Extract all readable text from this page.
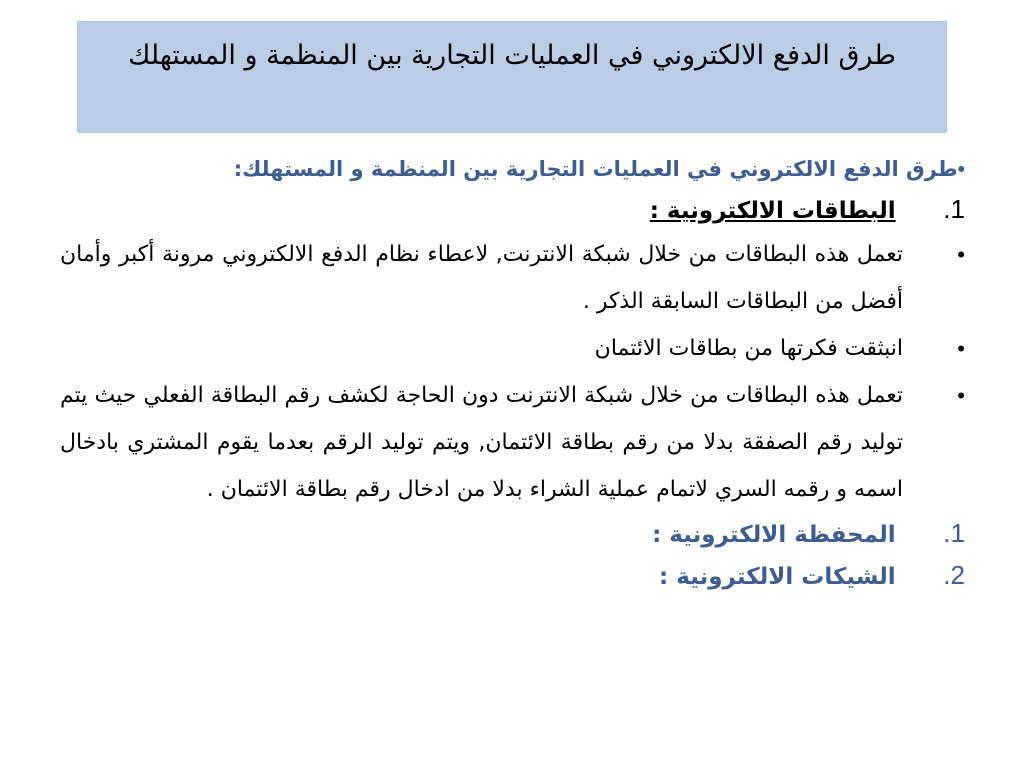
طرق الدفع الالكتروني في العمليات التجارية بين المنظمة و المستهلك
•طرق الدفع الالكتروني في العمليات التجارية بين المنظمة و المستهلك:
1. البطاقات الالكترونية :
•
تعمل هذه البطاقات من خلال شبكة الانترنت, لاعطاء نظام الدفع الالكتروني مرونة أكبر وأمان أفضل من البطاقات السابقة الذكر .
•
انبثقت فكرتها من بطاقات الائتمان
•
تعمل هذه البطاقات من خلال شبكة الانترنت دون الحاجة لكشف رقم البطاقة الفعلي حيث يتم توليد رقم الصفقة بدلا من رقم بطاقة الائتمان, ويتم توليد الرقم بعدما يقوم المشتري بادخال اسمه و رقمه السري لاتمام عملية الشراء بدلا من ادخال رقم بطاقة الائتمان .
1. المحفظة الالكترونية :
2. الشيكات الالكترونية :
